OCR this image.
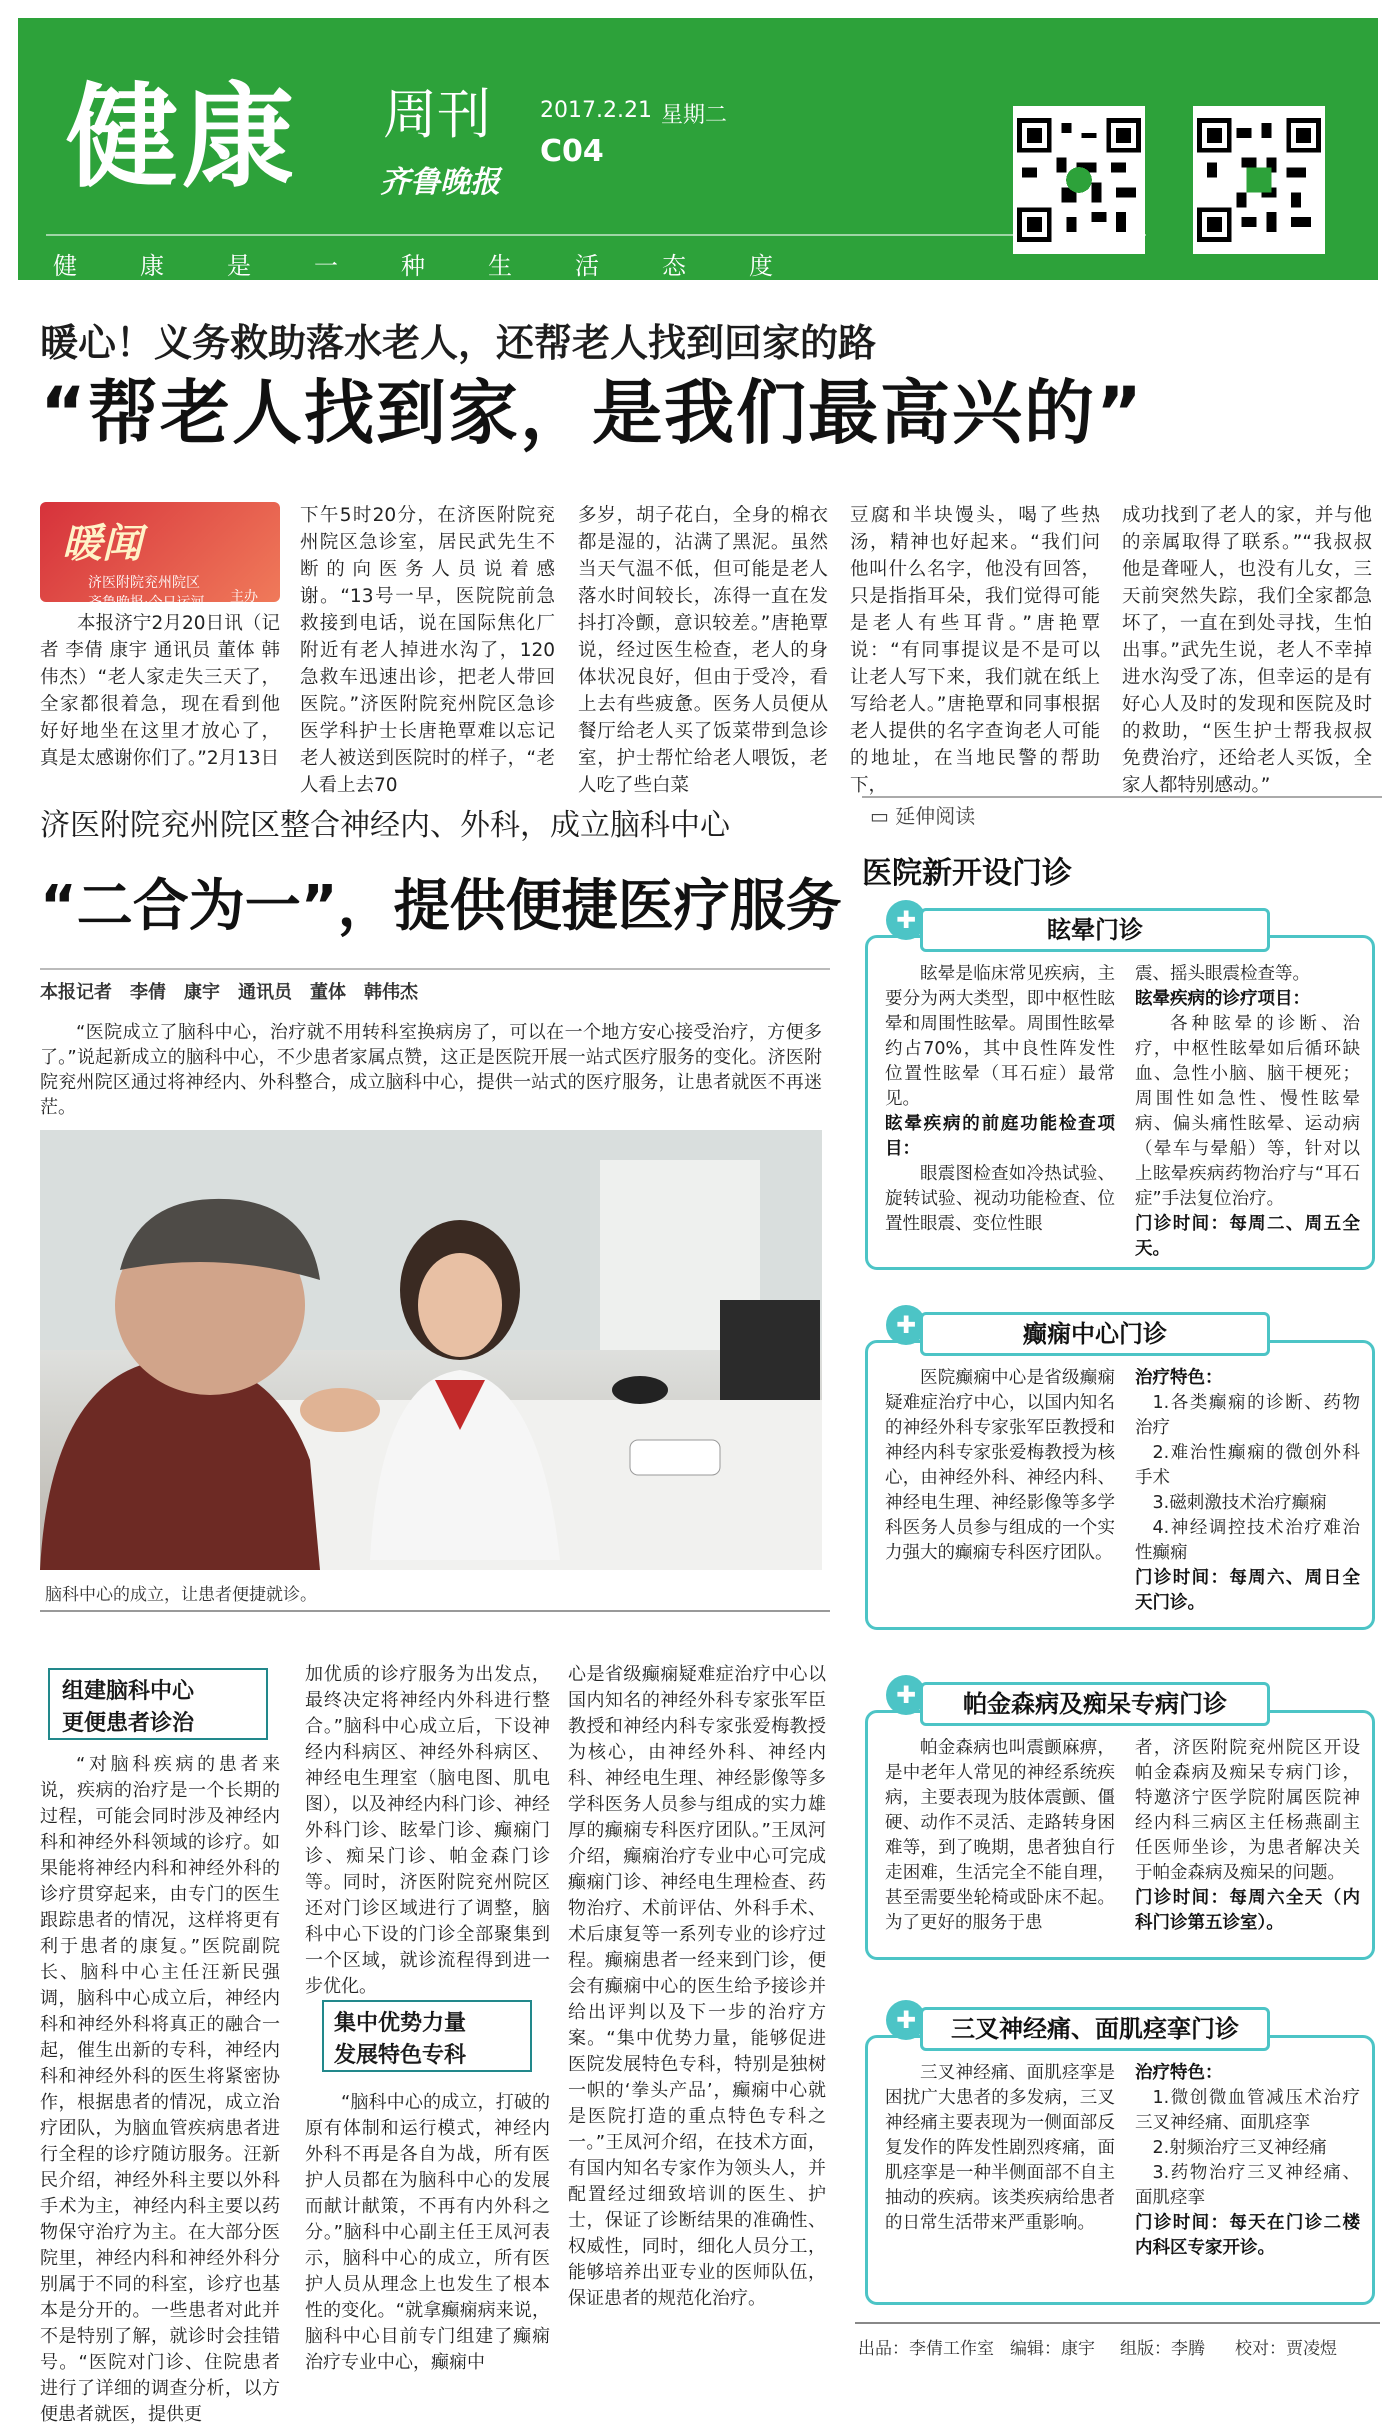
健康 周刊
齐鲁晚报
2017.2.21 星期二
C04
健	康	是	一	种	生	活	态	度
暖心！义务救助落水老人，还帮老人找到回家的路
“帮老人找到家，是我们最高兴的”
暖闻
济医附院兖州院区
齐鲁晚报·今日运河 主办

本报济宁2月20日讯（记者 李倩 康宇 通讯员 董体 韩伟杰）“老人家走失三天了，全家都很着急，现在看到他好好地坐在这里才放心了，真是太感谢你们了。”2月13日

下午5时20分，在济医附院兖州院区急诊室，居民武先生不断的向医务人员说着感谢。“13号一早，医院院前急救接到电话，说在国际焦化厂附近有老人掉进水沟了，120急救车迅速出诊，把老人带回医院。”济医附院兖州院区急诊医学科护士长唐艳覃难以忘记老人被送到医院时的样子，“老人看上去70

多岁，胡子花白，全身的棉衣都是湿的，沾满了黑泥。虽然当天气温不低，但可能是老人落水时间较长，冻得一直在发抖打冷颤，意识较差。”唐艳覃说，经过医生检查，老人的身体状况良好，但由于受冷，看上去有些疲惫。医务人员便从餐厅给老人买了饭菜带到急诊室，护士帮忙给老人喂饭，老人吃了些白菜

豆腐和半块馒头，喝了些热汤，精神也好起来。“我们问他叫什么名字，他没有回答，只是指指耳朵，我们觉得可能是老人有些耳背。”唐艳覃说：“有同事提议是不是可以让老人写下来，我们就在纸上写给老人。”唐艳覃和同事根据老人提供的名字查询老人可能的地址，在当地民警的帮助下，

成功找到了老人的家，并与他的亲属取得了联系。”“我叔叔他是聋哑人，也没有儿女，三天前突然失踪，我们全家都急坏了，一直在到处寻找，生怕出事。”武先生说，老人不幸掉进水沟受了冻，但幸运的是有好心人及时的发现和医院及时的救助，“医生护士帮我叔叔免费治疗，还给老人买饭，全家人都特别感动。”

济医附院兖州院区整合神经内、外科，成立脑科中心
“二合为一”，提供便捷医疗服务
本报记者　李倩　康宇　通讯员　董体　韩伟杰

“医院成立了脑科中心，治疗就不用转科室换病房了，可以在一个地方安心接受治疗，方便多了。”说起新成立的脑科中心，不少患者家属点赞，这正是医院开展一站式医疗服务的变化。济医附院兖州院区通过将神经内、外科整合，成立脑科中心，提供一站式的医疗服务，让患者就医不再迷茫。

脑科中心的成立，让患者便捷就诊。
组建脑科中心
更便患者诊治

“对脑科疾病的患者来说，疾病的治疗是一个长期的过程，可能会同时涉及神经内科和神经外科领域的诊疗。如果能将神经内科和神经外科的诊疗贯穿起来，由专门的医生跟踪患者的情况，这样将更有利于患者的康复。”医院副院长、脑科中心主任汪新民强调，脑科中心成立后，神经内科和神经外科将真正的融合一起，催生出新的专科，神经内科和神经外科的医生将紧密协作，根据患者的情况，成立治疗团队，为脑血管疾病患者进行全程的诊疗随访服务。汪新民介绍，神经外科主要以外科手术为主，神经内科主要以药物保守治疗为主。在大部分医院里，神经内科和神经外科分别属于不同的科室，诊疗也基本是分开的。一些患者对此并不是特别了解，就诊时会挂错号。“医院对门诊、住院患者进行了详细的调查分析，以方便患者就医，提供更

加优质的诊疗服务为出发点，最终决定将神经内外科进行整合。”脑科中心成立后，下设神经内科病区、神经外科病区、神经电生理室（脑电图、肌电图），以及神经内科门诊、神经外科门诊、眩晕门诊、癫痫门诊、痴呆门诊、帕金森门诊等。同时，济医附院兖州院区还对门诊区域进行了调整，脑科中心下设的门诊全部聚集到一个区域，就诊流程得到进一步优化。

集中优势力量
发展特色专科

“脑科中心的成立，打破的原有体制和运行模式，神经内外科不再是各自为战，所有医护人员都在为脑科中心的发展而献计献策，不再有内外科之分。”脑科中心副主任王凤河表示，脑科中心的成立，所有医护人员从理念上也发生了根本性的变化。“就拿癫痫病来说，脑科中心目前专门组建了癫痫治疗专业中心，癫痫中

心是省级癫痫疑难症治疗中心以国内知名的神经外科专家张军臣教授和神经内科专家张爱梅教授为核心，由神经外科、神经内科、神经电生理、神经影像等多学科医务人员参与组成的实力雄厚的癫痫专科医疗团队。”王凤河介绍，癫痫治疗专业中心可完成癫痫门诊、神经电生理检查、药物治疗、术前评估、外科手术、术后康复等一系列专业的诊疗过程。癫痫患者一经来到门诊，便会有癫痫中心的医生给予接诊并给出评判以及下一步的治疗方案。“集中优势力量，能够促进医院发展特色专科，特别是独树一帜的‘拳头产品’，癫痫中心就是医院打造的重点特色专科之一。”王凤河介绍，在技术方面，有国内知名专家作为领头人，并配置经过细致培训的医生、护士，保证了诊断结果的准确性、权威性，同时，细化人员分工，能够培养出亚专业的医师队伍，保证患者的规范化治疗。

▭ 延伸阅读
医院新开设门诊
✚	眩晕门诊

眩晕是临床常见疾病，主要分为两大类型，即中枢性眩晕和周围性眩晕。周围性眩晕约占70%，其中良性阵发性位置性眩晕（耳石症）最常见。

眩晕疾病的前庭功能检查项目：

眼震图检查如冷热试验、旋转试验、视动功能检查、位置性眼震、变位性眼

震、摇头眼震检查等。

眩晕疾病的诊疗项目：

各种眩晕的诊断、治疗，中枢性眩晕如后循环缺血、急性小脑、脑干梗死；周围性如急性、慢性眩晕病、偏头痛性眩晕、运动病（晕车与晕船）等，针对以上眩晕疾病药物治疗与“耳石症”手法复位治疗。

门诊时间：每周二、周五全天。

✚	癫痫中心门诊

医院癫痫中心是省级癫痫疑难症治疗中心，以国内知名的神经外科专家张军臣教授和神经内科专家张爱梅教授为核心，由神经外科、神经内科、神经电生理、神经影像等多学科医务人员参与组成的一个实力强大的癫痫专科医疗团队。

治疗特色：

1.各类癫痫的诊断、药物治疗

2.难治性癫痫的微创外科手术

3.磁刺激技术治疗癫痫

4.神经调控技术治疗难治性癫痫

门诊时间：每周六、周日全天门诊。

✚	帕金森病及痴呆专病门诊

帕金森病也叫震颤麻痹，是中老年人常见的神经系统疾病，主要表现为肢体震颤、僵硬、动作不灵活、走路转身困难等，到了晚期，患者独自行走困难，生活完全不能自理，甚至需要坐轮椅或卧床不起。为了更好的服务于患

者，济医附院兖州院区开设帕金森病及痴呆专病门诊，特邀济宁医学院附属医院神经内科三病区主任杨燕副主任医师坐诊，为患者解决关于帕金森病及痴呆的问题。

门诊时间：每周六全天（内科门诊第五诊室）。

✚	三叉神经痛、面肌痉挛门诊

三叉神经痛、面肌痉挛是困扰广大患者的多发病，三叉神经痛主要表现为一侧面部反复发作的阵发性剧烈疼痛，面肌痉挛是一种半侧面部不自主抽动的疾病。该类疾病给患者的日常生活带来严重影响。

治疗特色：

1.微创微血管减压术治疗三叉神经痛、面肌痉挛

2.射频治疗三叉神经痛

3.药物治疗三叉神经痛、面肌痉挛

门诊时间：每天在门诊二楼内科区专家开诊。

出品：李倩工作室 编辑：康宇 组版：李腾 校对：贾凌煜
